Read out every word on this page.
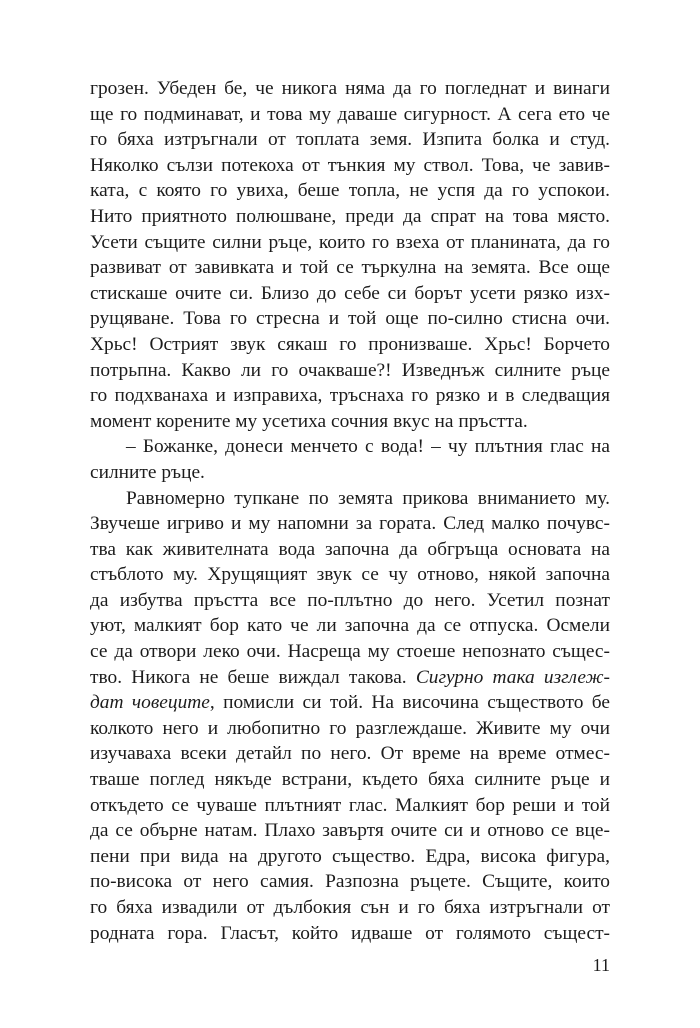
грозен. Убеден бе, че никога няма да го погледнат и винаги
ще го подминават, и това му даваше сигурност. А сега ето че
го бяха изтръгнали от топлата земя. Изпита болка и студ.
Няколко сълзи потекоха от тънкия му ствол. Това, че завив-
ката, с която го увиха, беше топла, не успя да го успокои.
Нито приятното полюшване, преди да спрат на това място.
Усети същите силни ръце, които го взеха от планината, да го
развиват от завивката и той се търкулна на земята. Все още
стискаше очите си. Близо до себе си борът усети рязко изх-
рущяване. Това го стресна и той още по-силно стисна очи.
Хрьс! Острият звук сякаш го пронизваше. Хрьс! Борчето
потрьпна. Какво ли го очакваше?! Изведнъж силните ръце
го подхванаха и изправиха, тръснаха го рязко и в следващия
момент корените му усетиха сочния вкус на пръстта.
– Божанке, донеси менчето с вода! – чу плътния глас на
силните ръце.
Равномерно тупкане по земята прикова вниманието му.
Звучеше игриво и му напомни за гората. След малко почувс-
тва как живителната вода започна да обгръща основата на
стъблото му. Хрущящият звук се чу отново, някой започна
да избутва пръстта все по-плътно до него. Усетил познат
уют, малкият бор като че ли започна да се отпуска. Осмели
се да отвори леко очи. Насреща му стоеше непознато същес-
тво. Никога не беше виждал такова. Сигурно така изглеж-
дат човеците, помисли си той. На височина съществото бе
колкото него и любопитно го разглеждаше. Живите му очи
изучаваха всеки детайл по него. От време на време отмес-
тваше поглед някъде встрани, където бяха силните ръце и
откъдето се чуваше плътният глас. Малкият бор реши и той
да се обърне натам. Плахо завъртя очите си и отново се вце-
пени при вида на другото същество. Едра, висока фигура,
по-висока от него самия. Разпозна ръцете. Същите, които
го бяха извадили от дълбокия сън и го бяха изтръгнали от
родната гора. Гласът, който идваше от голямото същест-
11
